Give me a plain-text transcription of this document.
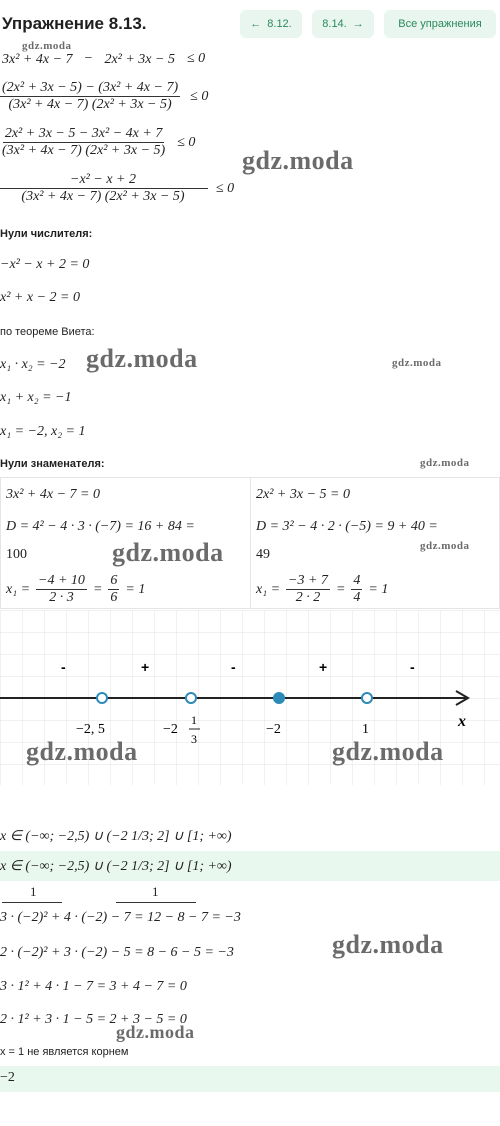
Упражнение 8.13.	← 8.12.	8.14. →	Все упражнения
gdz.moda
3x² + 4x − 7 − 2x² + 3x − 5 ≤ 0
$\frac{\text{(2x² + 3x − 5) − (3x² + 4x − 7)}}{\text{(3x² + 4x − 7) (2x² + 3x − 5)}} \le 0$
$\frac{\text{2x² + 3x − 5 − 3x² − 4x + 7}}{\text{(3x² + 4x − 7) (2x² + 3x − 5)}} \le 0$
gdz.moda
$\frac{\text{−x² − x + 2}}{\text{(3x² + 4x − 7) (2x² + 3x − 5)}} \le 0$
Нули числителя:
−x² − x + 2 = 0
x² + x − 2 = 0
по теореме Виета:
x₁ · x₂ = −2 gdz.moda	gdz.moda
x₁ + x₂ = −1
x₁ = −2, x₂ = 1
Нули знаменателя:	gdz.moda
3x² + 4x − 7 = 0
D = 4² − 4 · 3 · (−7) = 16 + 84 =
100	gdz.moda
$x_1 = \frac{-4 + 10}{2 \cdot 3} = \frac{6}{6} = 1$
2x² + 3x − 5 = 0
D = 3² − 4 · 2 · (−5) = 9 + 40 =
49
gdz.moda
$x_1 = \frac{-3 + 7}{2 \cdot 2} = \frac{4}{4} = 1$
-	+	-	+	-
−2, 5	−2
1
3
−2	1	x
gdz.moda	gdz.moda
x ∈ (−∞; −2,5) ∪ (−2 1/3; 2] ∪ [1; +∞)
x ∈ (−∞; −2,5) ∪ (−2 1/3; 2] ∪ [1; +∞)
1	1
3 · (−2)² + 4 · (−2) − 7 = 12 − 8 − 7 = −3
2 · (−2)² + 3 · (−2) − 5 = 8 − 6 − 5 = −3	gdz.moda
3 · 1² + 4 · 1 − 7 = 3 + 4 − 7 = 0
2 · 1² + 3 · 1 − 5 = 2 + 3 − 5 = 0
gdz.moda
x = 1 не является корнем
−2
